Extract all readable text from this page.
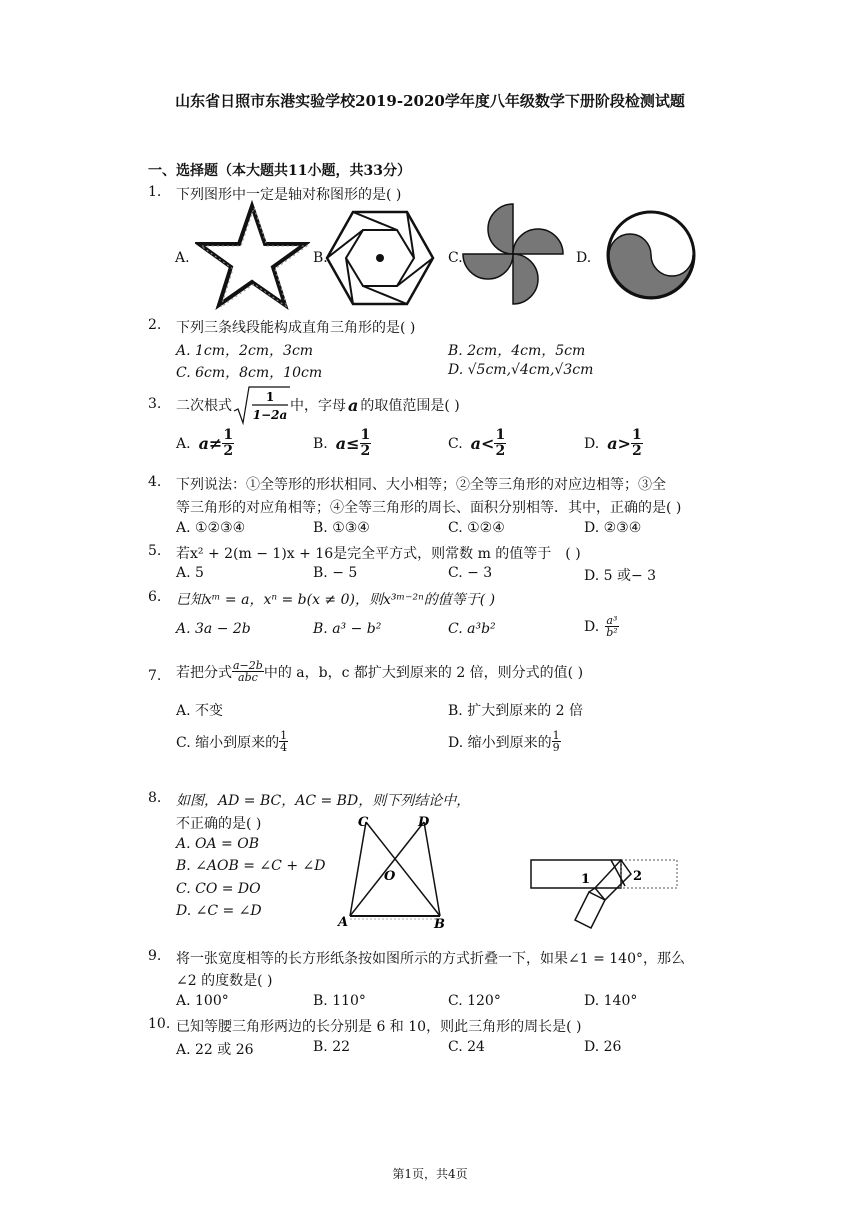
山东省日照市东港实验学校2019-2020学年度八年级数学下册阶段检测试题
一、选择题（本大题共11小题，共33分）
1. 下列图形中一定是轴对称图形的是( )
A.	B.	C.	D.
2. 下列三条线段能构成直角三角形的是( )
A. 1cm，2cm，3cm	B. 2cm，4cm，5cm
C. 6cm，8cm，10cm	D. √5cm,√4cm,√3cm
3. 二次根式
1
1−2a
中，字母 a 的取值范围是( )
A. a≠ 1
2	B. $a\le \frac{1}{2}$	C. a< 1
2	D. a> 1
2
4. 下列说法：①全等形的形状相同、大小相等；②全等三角形的对应边相等；③全
等三角形的对应角相等；④全等三角形的周长、面积分别相等．其中，正确的是( )
A. ①②③④	B. ①③④	C. ①②④	D. ②③④
5. 若x² + 2(m − 1)x + 16是完全平方式，则常数 m 的值等于　( )
A. 5	B. − 5	C. − 3	D. 5 或− 3
6. 已知xᵐ = a，xⁿ = b(x ≠ 0)，则x³ᵐ⁻²ⁿ的值等于( )
A. 3a − 2b	B. a³ − b²	C. a³b²	D. $\frac{\text{a³}}{\text{b²}}$
7. 若把分式 $\frac{a-2b}{\text{abc}}$ 中的 a，b，c 都扩大到原来的 2 倍，则分式的值( )
A. 不变	B. 扩大到原来的 2 倍
C. 缩小到原来的 $\frac{1}{4}$	D. 缩小到原来的 $\frac{1}{9}$
8. 如图，AD = BC，AC = BD，则下列结论中，
不正确的是( )
A. OA = OB
B. ∠AOB = ∠C + ∠D
C. CO = DO
D. ∠C = ∠D
C	D
O
A	B
1	2
9. 将一张宽度相等的长方形纸条按如图所示的方式折叠一下，如果∠1 = 140°，那么
∠2 的度数是( )
A. 100°	B. 110°	C. 120°	D. 140°
10. 已知等腰三角形两边的长分别是 6 和 10，则此三角形的周长是( )
A. 22 或 26	B. 22	C. 24	D. 26
第1页，共4页
